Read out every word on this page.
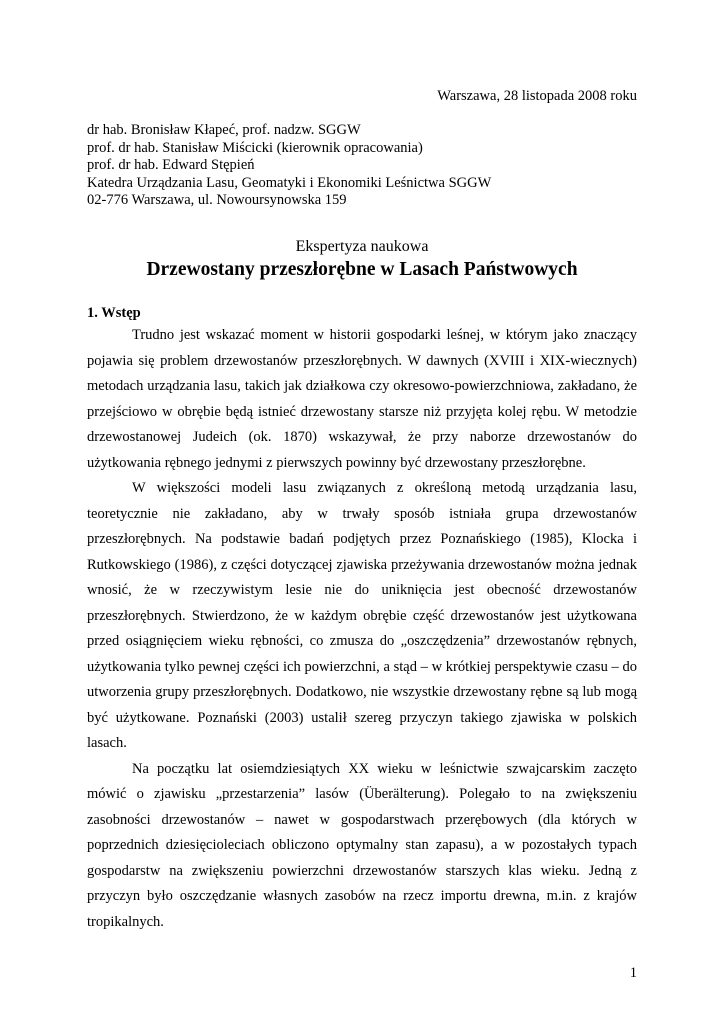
Warszawa, 28 listopada 2008 roku
dr hab. Bronisław Kłapeć, prof. nadzw. SGGW
prof. dr hab. Stanisław Miścicki (kierownik opracowania)
prof. dr hab. Edward Stępień
Katedra Urządzania Lasu, Geomatyki i Ekonomiki Leśnictwa SGGW
02-776 Warszawa, ul. Nowoursynowska 159
Ekspertyza naukowa
Drzewostany przeszłorębne w Lasach Państwowych
1. Wstęp

Trudno jest wskazać moment w historii gospodarki leśnej, w którym jako znaczący pojawia się problem drzewostanów przeszłorębnych. W dawnych (XVIII i XIX-wiecznych) metodach urządzania lasu, takich jak działkowa czy okresowo-powierzchniowa, zakładano, że przejściowo w obrębie będą istnieć drzewostany starsze niż przyjęta kolej rębu. W metodzie drzewostanowej Judeich (ok. 1870) wskazywał, że przy naborze drzewostanów do użytkowania rębnego jednymi z pierwszych powinny być drzewostany przeszłorębne.

W większości modeli lasu związanych z określoną metodą urządzania lasu, teoretycznie nie zakładano, aby w trwały sposób istniała grupa drzewostanów przeszłorębnych. Na podstawie badań podjętych przez Poznańskiego (1985), Klocka i Rutkowskiego (1986), z części dotyczącej zjawiska przeżywania drzewostanów można jednak wnosić, że w rzeczywistym lesie nie do uniknięcia jest obecność drzewostanów przeszłorębnych. Stwierdzono, że w każdym obrębie część drzewostanów jest użytkowana przed osiągnięciem wieku rębności, co zmusza do „oszczędzenia” drzewostanów rębnych, użytkowania tylko pewnej części ich powierzchni, a stąd – w krótkiej perspektywie czasu – do utworzenia grupy przeszłorębnych. Dodatkowo, nie wszystkie drzewostany rębne są lub mogą być użytkowane. Poznański (2003) ustalił szereg przyczyn takiego zjawiska w polskich lasach.

Na początku lat osiemdziesiątych XX wieku w leśnictwie szwajcarskim zaczęto mówić o zjawisku „przestarzenia” lasów (Überälterung). Polegało to na zwiększeniu zasobności drzewostanów – nawet w gospodarstwach przerębowych (dla których w poprzednich dziesięcioleciach obliczono optymalny stan zapasu), a w pozostałych typach gospodarstw na zwiększeniu powierzchni drzewostanów starszych klas wieku. Jedną z przyczyn było oszczędzanie własnych zasobów na rzecz importu drewna, m.in. z krajów tropikalnych.

1
